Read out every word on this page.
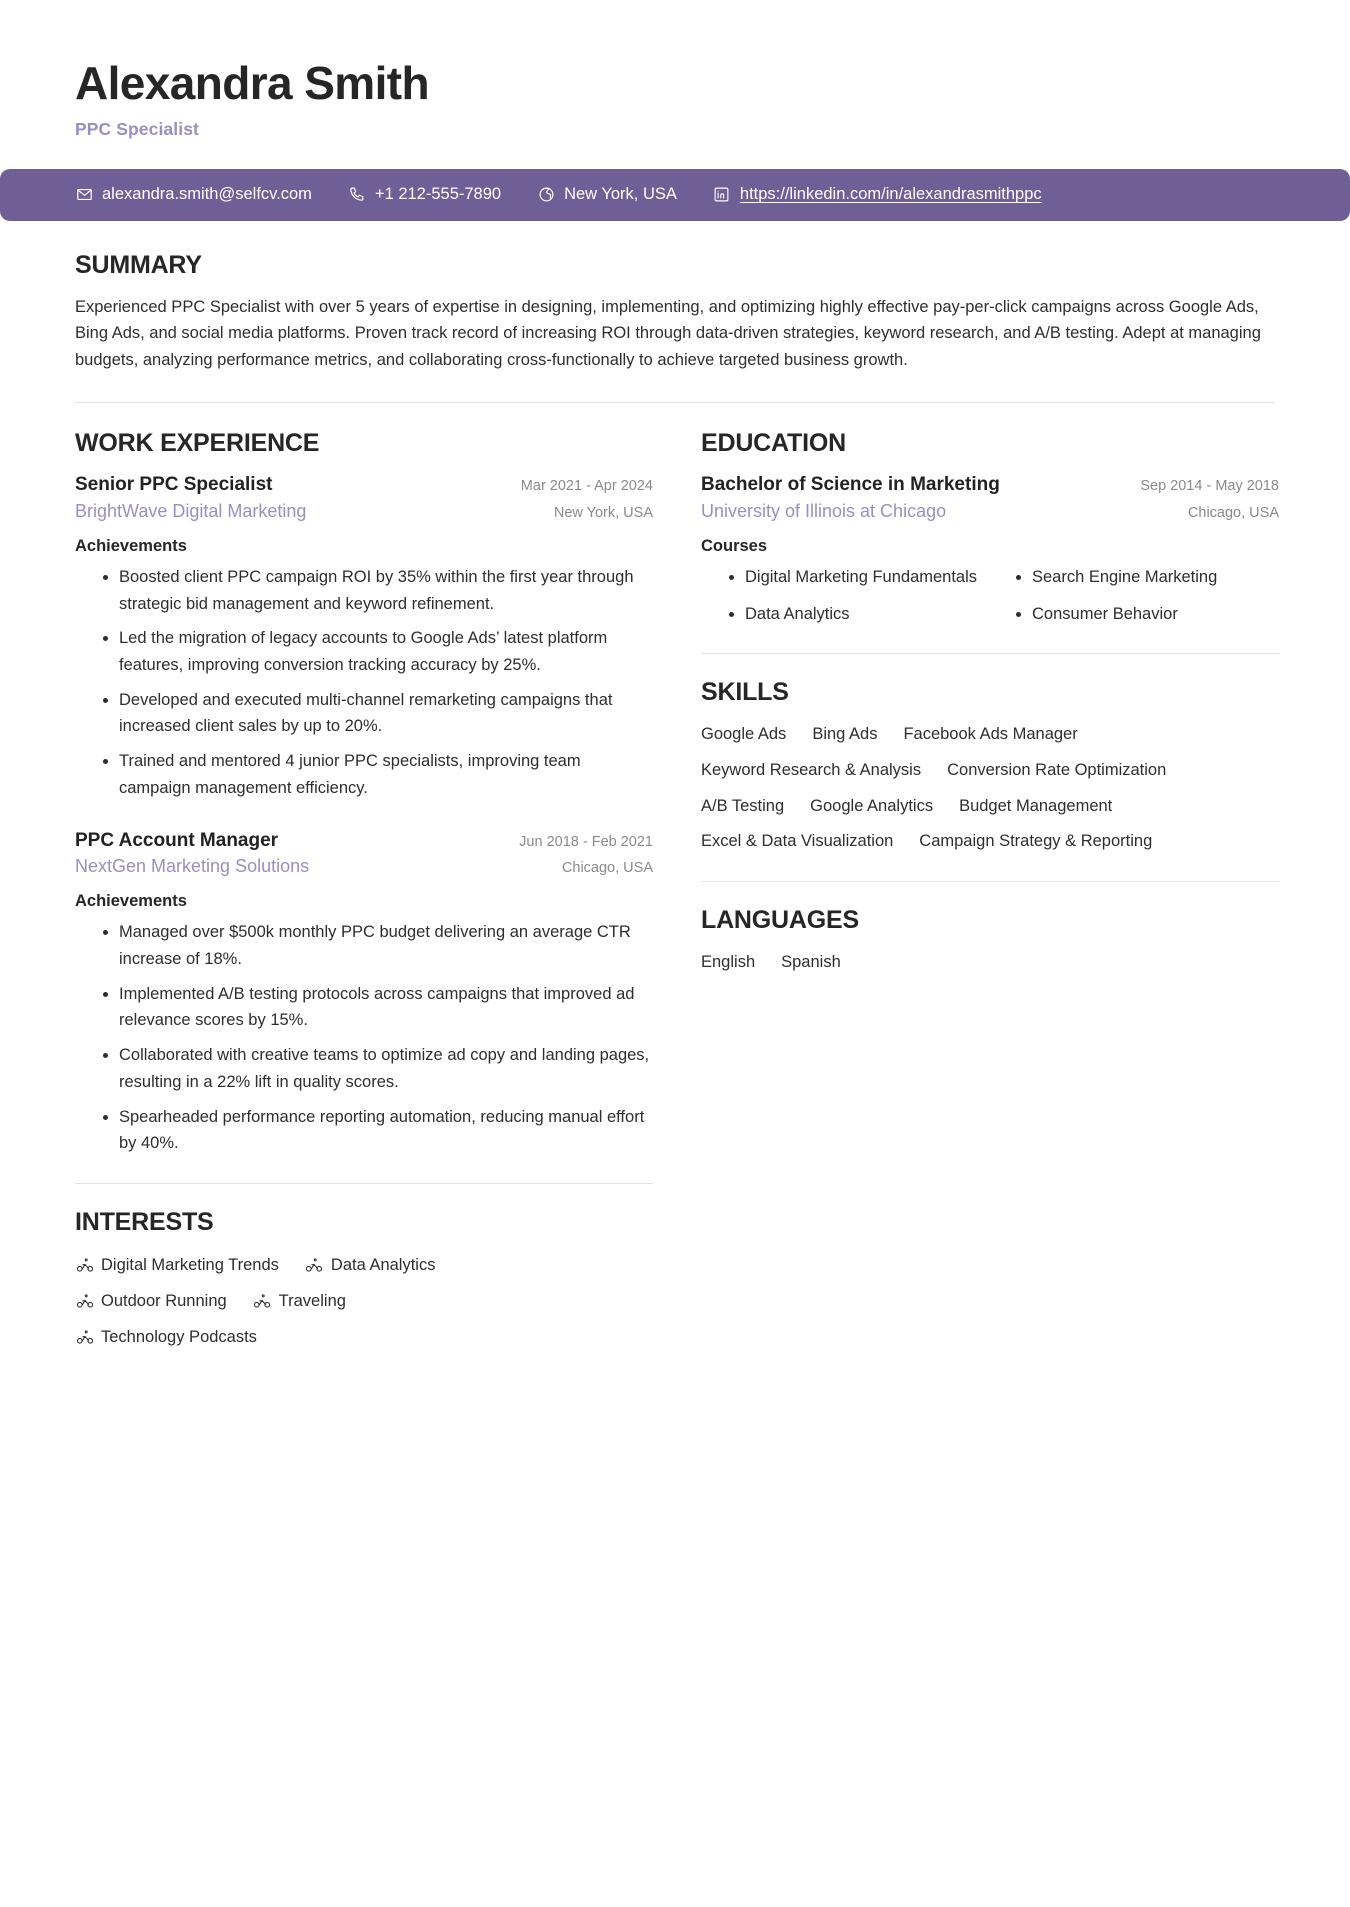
Alexandra Smith
PPC Specialist
alexandra.smith@selfcv.com	+1 212-555-7890	New York, USA	https://linkedin.com/in/alexandrasmithppc
SUMMARY
Experienced PPC Specialist with over 5 years of expertise in designing, implementing, and optimizing highly effective pay-per-click campaigns across Google Ads, Bing Ads, and social media platforms. Proven track record of increasing ROI through data-driven strategies, keyword research, and A/B testing. Adept at managing budgets, analyzing performance metrics, and collaborating cross-functionally to achieve targeted business growth.
WORK EXPERIENCE
Senior PPC Specialist	Mar 2021 - Apr 2024
BrightWave Digital Marketing	New York, USA
Achievements
Boosted client PPC campaign ROI by 35% within the first year through strategic bid management and keyword refinement.
Led the migration of legacy accounts to Google Ads’ latest platform features, improving conversion tracking accuracy by 25%.
Developed and executed multi-channel remarketing campaigns that increased client sales by up to 20%.
Trained and mentored 4 junior PPC specialists, improving team campaign management efficiency.
PPC Account Manager	Jun 2018 - Feb 2021
NextGen Marketing Solutions	Chicago, USA
Achievements
Managed over $500k monthly PPC budget delivering an average CTR increase of 18%.
Implemented A/B testing protocols across campaigns that improved ad relevance scores by 15%.
Collaborated with creative teams to optimize ad copy and landing pages, resulting in a 22% lift in quality scores.
Spearheaded performance reporting automation, reducing manual effort by 40%.
INTERESTS
Digital Marketing Trends	Data Analytics
Outdoor Running	Traveling
Technology Podcasts
EDUCATION
Bachelor of Science in Marketing	Sep 2014 - May 2018
University of Illinois at Chicago	Chicago, USA
Courses
Digital Marketing Fundamentals	Search Engine Marketing
Data Analytics	Consumer Behavior
SKILLS
Google Ads Bing Ads Facebook Ads Manager
Keyword Research & Analysis Conversion Rate Optimization
A/B Testing Google Analytics Budget Management
Excel & Data Visualization Campaign Strategy & Reporting
LANGUAGES
English Spanish
